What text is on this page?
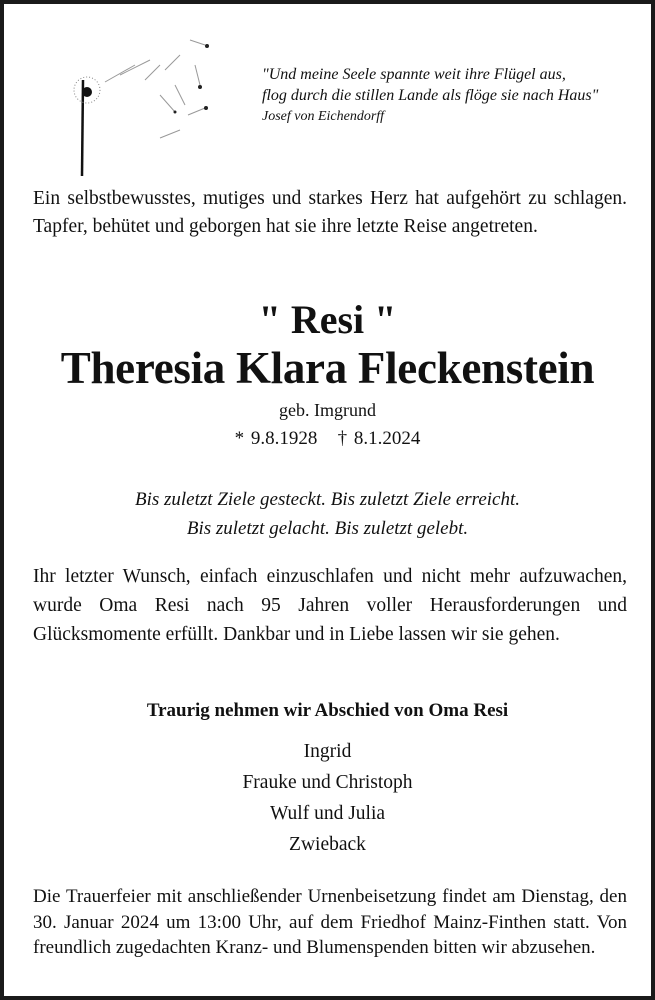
"Und meine Seele spannte weit ihre Flügel aus,
flog durch die stillen Lande als flöge sie nach Haus"
Josef von Eichendorff

Ein selbstbewusstes, mutiges und starkes Herz hat aufgehört zu schlagen. Tapfer, behütet und geborgen hat sie ihre letzte Reise angetreten.

" Resi "
Theresia Klara Fleckenstein
geb. Imgrund
* 9.8.1928   † 8.1.2024
Bis zuletzt Ziele gesteckt. Bis zuletzt Ziele erreicht.
Bis zuletzt gelacht. Bis zuletzt gelebt.

Ihr letzter Wunsch, einfach einzuschlafen und nicht mehr aufzuwachen, wurde Oma Resi nach 95 Jahren voller Herausforderungen und Glücksmomente erfüllt. Dankbar und in Liebe lassen wir sie gehen.

Traurig nehmen wir Abschied von Oma Resi
Ingrid
Frauke und Christoph
Wulf und Julia
Zwieback

Die Trauerfeier mit anschließender Urnenbeisetzung findet am Dienstag, den 30. Januar 2024 um 13:00 Uhr, auf dem Friedhof Mainz-Finthen statt. Von freundlich zugedachten Kranz- und Blumenspenden bitten wir abzusehen.
